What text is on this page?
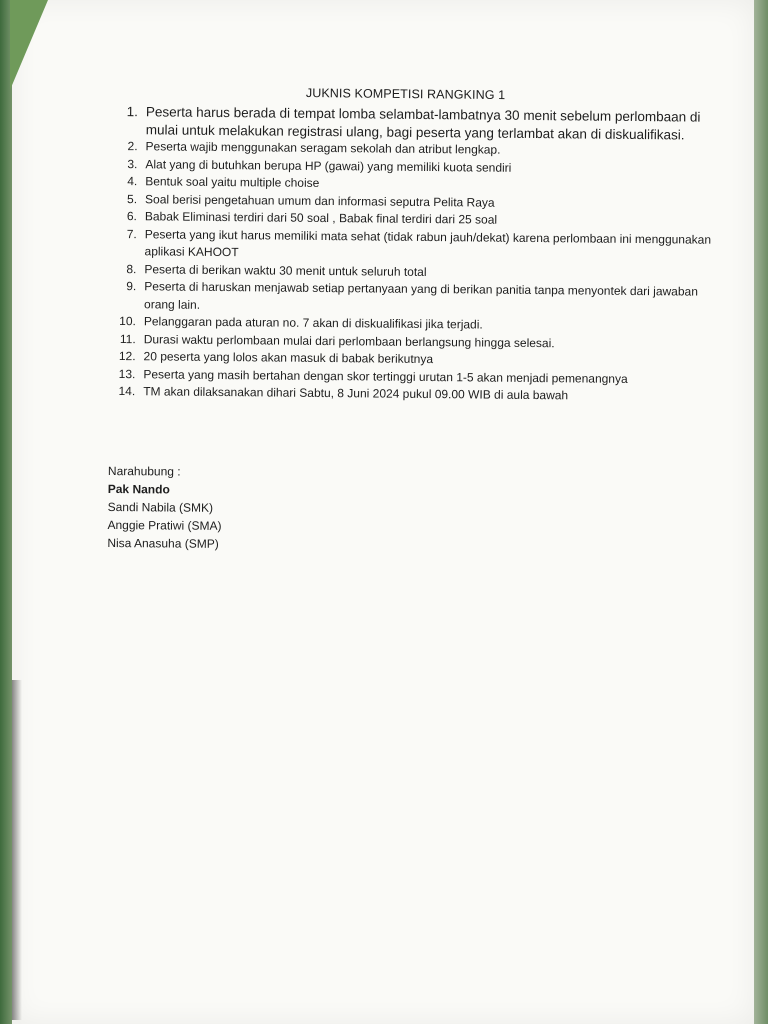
JUKNIS KOMPETISI RANGKING 1
1. Peserta harus berada di tempat lomba selambat-lambatnya 30 menit sebelum perlombaan di mulai untuk melakukan registrasi ulang, bagi peserta yang terlambat akan di diskualifikasi.
2. Peserta wajib menggunakan seragam sekolah dan atribut lengkap.
3. Alat yang di butuhkan berupa HP (gawai) yang memiliki kuota sendiri
4. Bentuk soal yaitu multiple choise
5. Soal berisi pengetahuan umum dan informasi seputra Pelita Raya
6. Babak Eliminasi terdiri dari 50 soal , Babak final terdiri dari 25 soal
7. Peserta yang ikut harus memiliki mata sehat (tidak rabun jauh/dekat) karena perlombaan ini menggunakan aplikasi KAHOOT
8. Peserta di berikan waktu 30 menit untuk seluruh total
9. Peserta di haruskan menjawab setiap pertanyaan yang di berikan panitia tanpa menyontek dari jawaban orang lain.
10. Pelanggaran pada aturan no. 7 akan di diskualifikasi jika terjadi.
11. Durasi waktu perlombaan mulai dari perlombaan berlangsung hingga selesai.
12. 20 peserta yang lolos akan masuk di babak berikutnya
13. Peserta yang masih bertahan dengan skor tertinggi urutan 1-5 akan menjadi pemenangnya
14. TM akan dilaksanakan dihari Sabtu, 8 Juni 2024 pukul 09.00 WIB di aula bawah
Narahubung :
Pak Nando
Sandi Nabila (SMK)
Anggie Pratiwi (SMA)
Nisa Anasuha (SMP)
